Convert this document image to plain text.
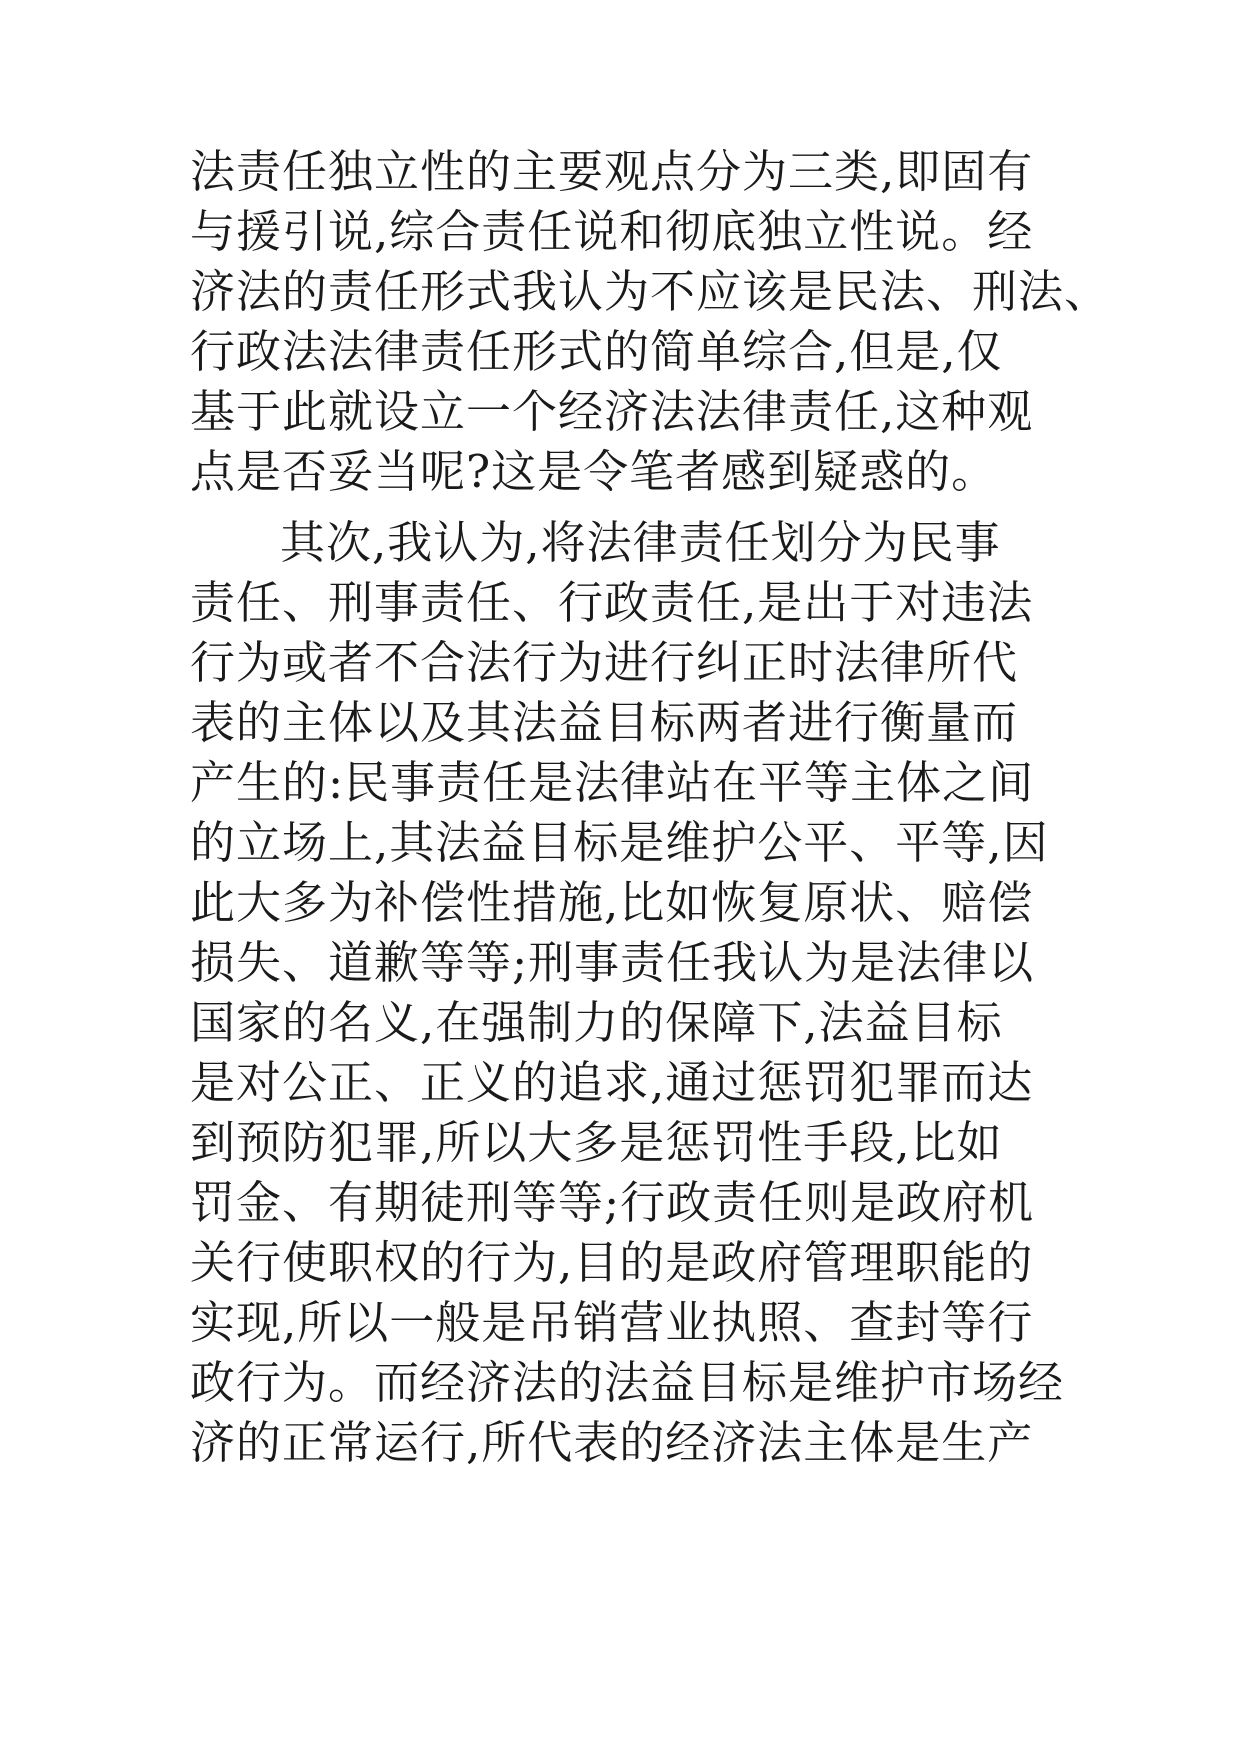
法责任独立性的主要观点分为三类,即固有

与援引说,综合责任说和彻底独立性说。经

济法的责任形式我认为不应该是民法、刑法、

行政法法律责任形式的简单综合,但是,仅

基于此就设立一个经济法法律责任,这种观

点是否妥当呢?这是令笔者感到疑惑的。

其次,我认为,将法律责任划分为民事

责任、刑事责任、行政责任,是出于对违法

行为或者不合法行为进行纠正时法律所代

表的主体以及其法益目标两者进行衡量而

产生的:民事责任是法律站在平等主体之间

的立场上,其法益目标是维护公平、平等,因

此大多为补偿性措施,比如恢复原状、赔偿

损失、道歉等等;刑事责任我认为是法律以

国家的名义,在强制力的保障下,法益目标

是对公正、正义的追求,通过惩罚犯罪而达

到预防犯罪,所以大多是惩罚性手段,比如

罚金、有期徒刑等等;行政责任则是政府机

关行使职权的行为,目的是政府管理职能的

实现,所以一般是吊销营业执照、查封等行

政行为。而经济法的法益目标是维护市场经

济的正常运行,所代表的经济法主体是生产
